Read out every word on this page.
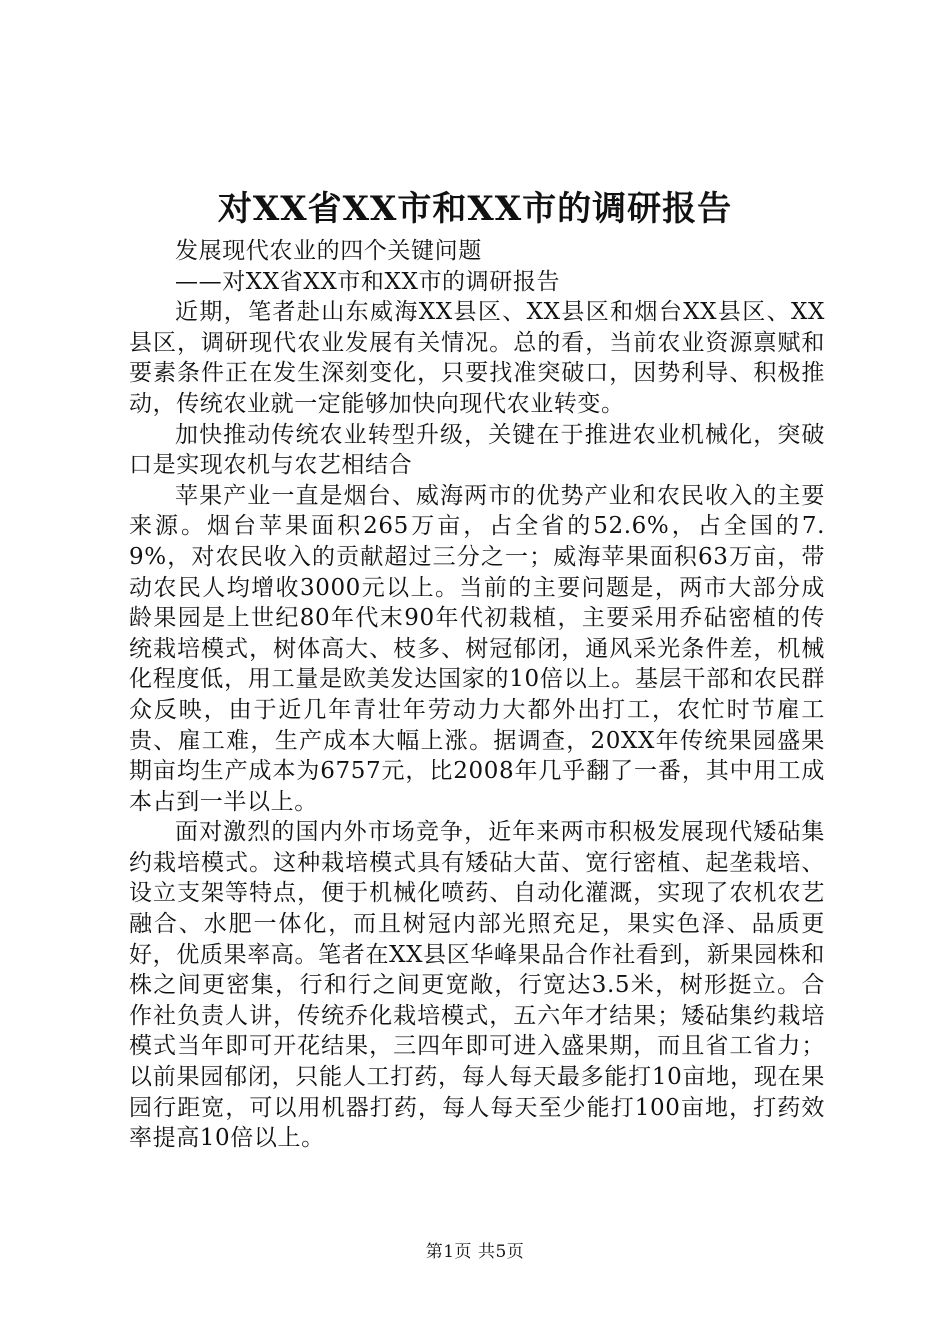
对XX省XX市和XX市的调研报告

发展现代农业的四个关键问题

——对XX省XX市和XX市的调研报告

近期，笔者赴山东威海XX县区、XX县区和烟台XX县区、XX县区，调研现代农业发展有关情况。总的看，当前农业资源禀赋和要素条件正在发生深刻变化，只要找准突破口，因势利导、积极推动，传统农业就一定能够加快向现代农业转变。

加快推动传统农业转型升级，关键在于推进农业机械化，突破口是实现农机与农艺相结合

苹果产业一直是烟台、威海两市的优势产业和农民收入的主要来源。烟台苹果面积265万亩，占全省的52.6%，占全国的7.9%，对农民收入的贡献超过三分之一；威海苹果面积63万亩，带动农民人均增收3000元以上。当前的主要问题是，两市大部分成龄果园是上世纪80年代末90年代初栽植，主要采用乔砧密植的传统栽培模式，树体高大、枝多、树冠郁闭，通风采光条件差，机械化程度低，用工量是欧美发达国家的10倍以上。基层干部和农民群众反映，由于近几年青壮年劳动力大都外出打工，农忙时节雇工贵、雇工难，生产成本大幅上涨。据调查，20XX年传统果园盛果期亩均生产成本为6757元，比2008年几乎翻了一番，其中用工成本占到一半以上。

面对激烈的国内外市场竞争，近年来两市积极发展现代矮砧集约栽培模式。这种栽培模式具有矮砧大苗、宽行密植、起垄栽培、设立支架等特点，便于机械化喷药、自动化灌溉，实现了农机农艺融合、水肥一体化，而且树冠内部光照充足，果实色泽、品质更好，优质果率高。笔者在XX县区华峰果品合作社看到，新果园株和株之间更密集，行和行之间更宽敞，行宽达3.5米，树形挺立。合作社负责人讲，传统乔化栽培模式，五六年才结果；矮砧集约栽培模式当年即可开花结果，三四年即可进入盛果期，而且省工省力；以前果园郁闭，只能人工打药，每人每天最多能打10亩地，现在果园行距宽，可以用机器打药，每人每天至少能打100亩地，打药效率提高10倍以上。

第1页 共5页
